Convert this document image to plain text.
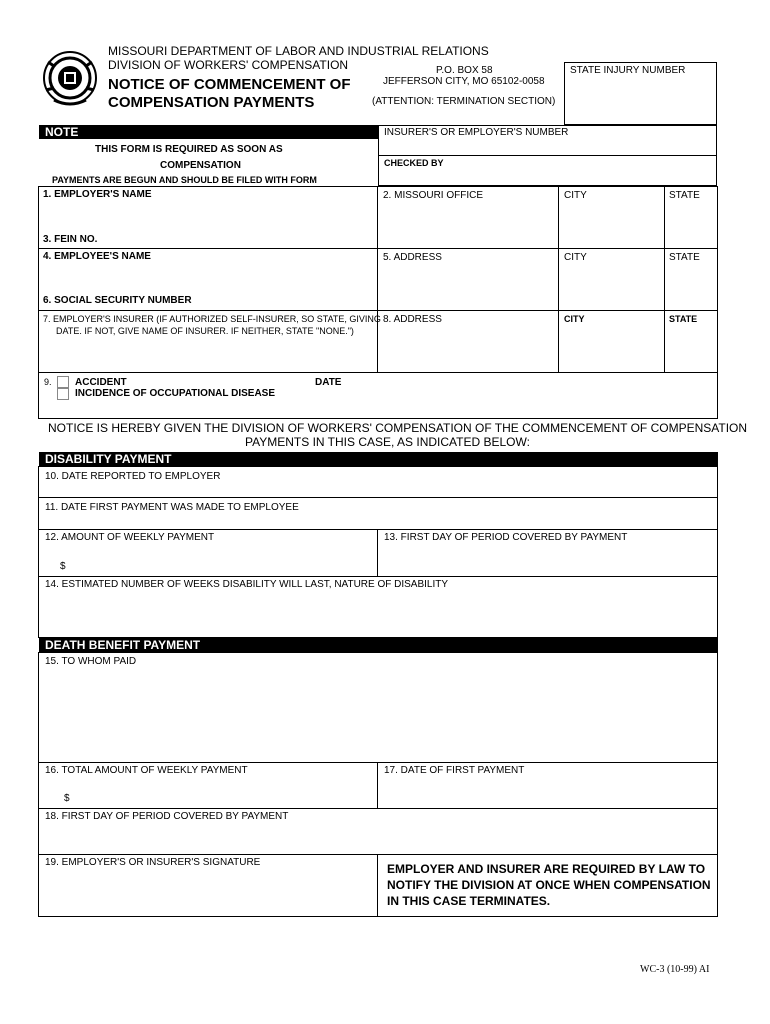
MISSOURI DEPARTMENT OF LABOR AND INDUSTRIAL RELATIONS
DIVISION OF WORKERS' COMPENSATION
NOTICE OF COMMENCEMENT OF
COMPENSATION PAYMENTS
P.O. BOX 58
JEFFERSON CITY, MO 65102-0058
(ATTENTION: TERMINATION SECTION)
STATE INJURY NUMBER
NOTE
THIS FORM IS REQUIRED AS SOON AS
COMPENSATION
PAYMENTS ARE BEGUN AND SHOULD BE FILED WITH FORM
INSURER'S OR EMPLOYER'S NUMBER
CHECKED BY
1. EMPLOYER'S NAME
3. FEIN NO.
2. MISSOURI OFFICE	CITY	STATE
4. EMPLOYEE'S NAME
6. SOCIAL SECURITY NUMBER
5. ADDRESS	CITY	STATE
7. EMPLOYER'S INSURER (IF AUTHORIZED SELF-INSURER, SO STATE, GIVING
DATE. IF NOT, GIVE NAME OF INSURER. IF NEITHER, STATE "NONE.")
8. ADDRESS	CITY	STATE
9. ACCIDENT
INCIDENCE OF OCCUPATIONAL DISEASE
DATE
NOTICE IS HEREBY GIVEN THE DIVISION OF WORKERS' COMPENSATION OF THE COMMENCEMENT OF COMPENSATION
PAYMENTS IN THIS CASE, AS INDICATED BELOW:
DISABILITY PAYMENT
10. DATE REPORTED TO EMPLOYER
11. DATE FIRST PAYMENT WAS MADE TO EMPLOYEE
12. AMOUNT OF WEEKLY PAYMENT
$
13. FIRST DAY OF PERIOD COVERED BY PAYMENT
14. ESTIMATED NUMBER OF WEEKS DISABILITY WILL LAST, NATURE OF DISABILITY
DEATH BENEFIT PAYMENT
15. TO WHOM PAID
16. TOTAL AMOUNT OF WEEKLY PAYMENT
$
17. DATE OF FIRST PAYMENT
18. FIRST DAY OF PERIOD COVERED BY PAYMENT
19. EMPLOYER'S OR INSURER'S SIGNATURE	EMPLOYER AND INSURER ARE REQUIRED BY LAW TO
NOTIFY THE DIVISION AT ONCE WHEN COMPENSATION
IN THIS CASE TERMINATES.
WC-3 (10-99) AI
